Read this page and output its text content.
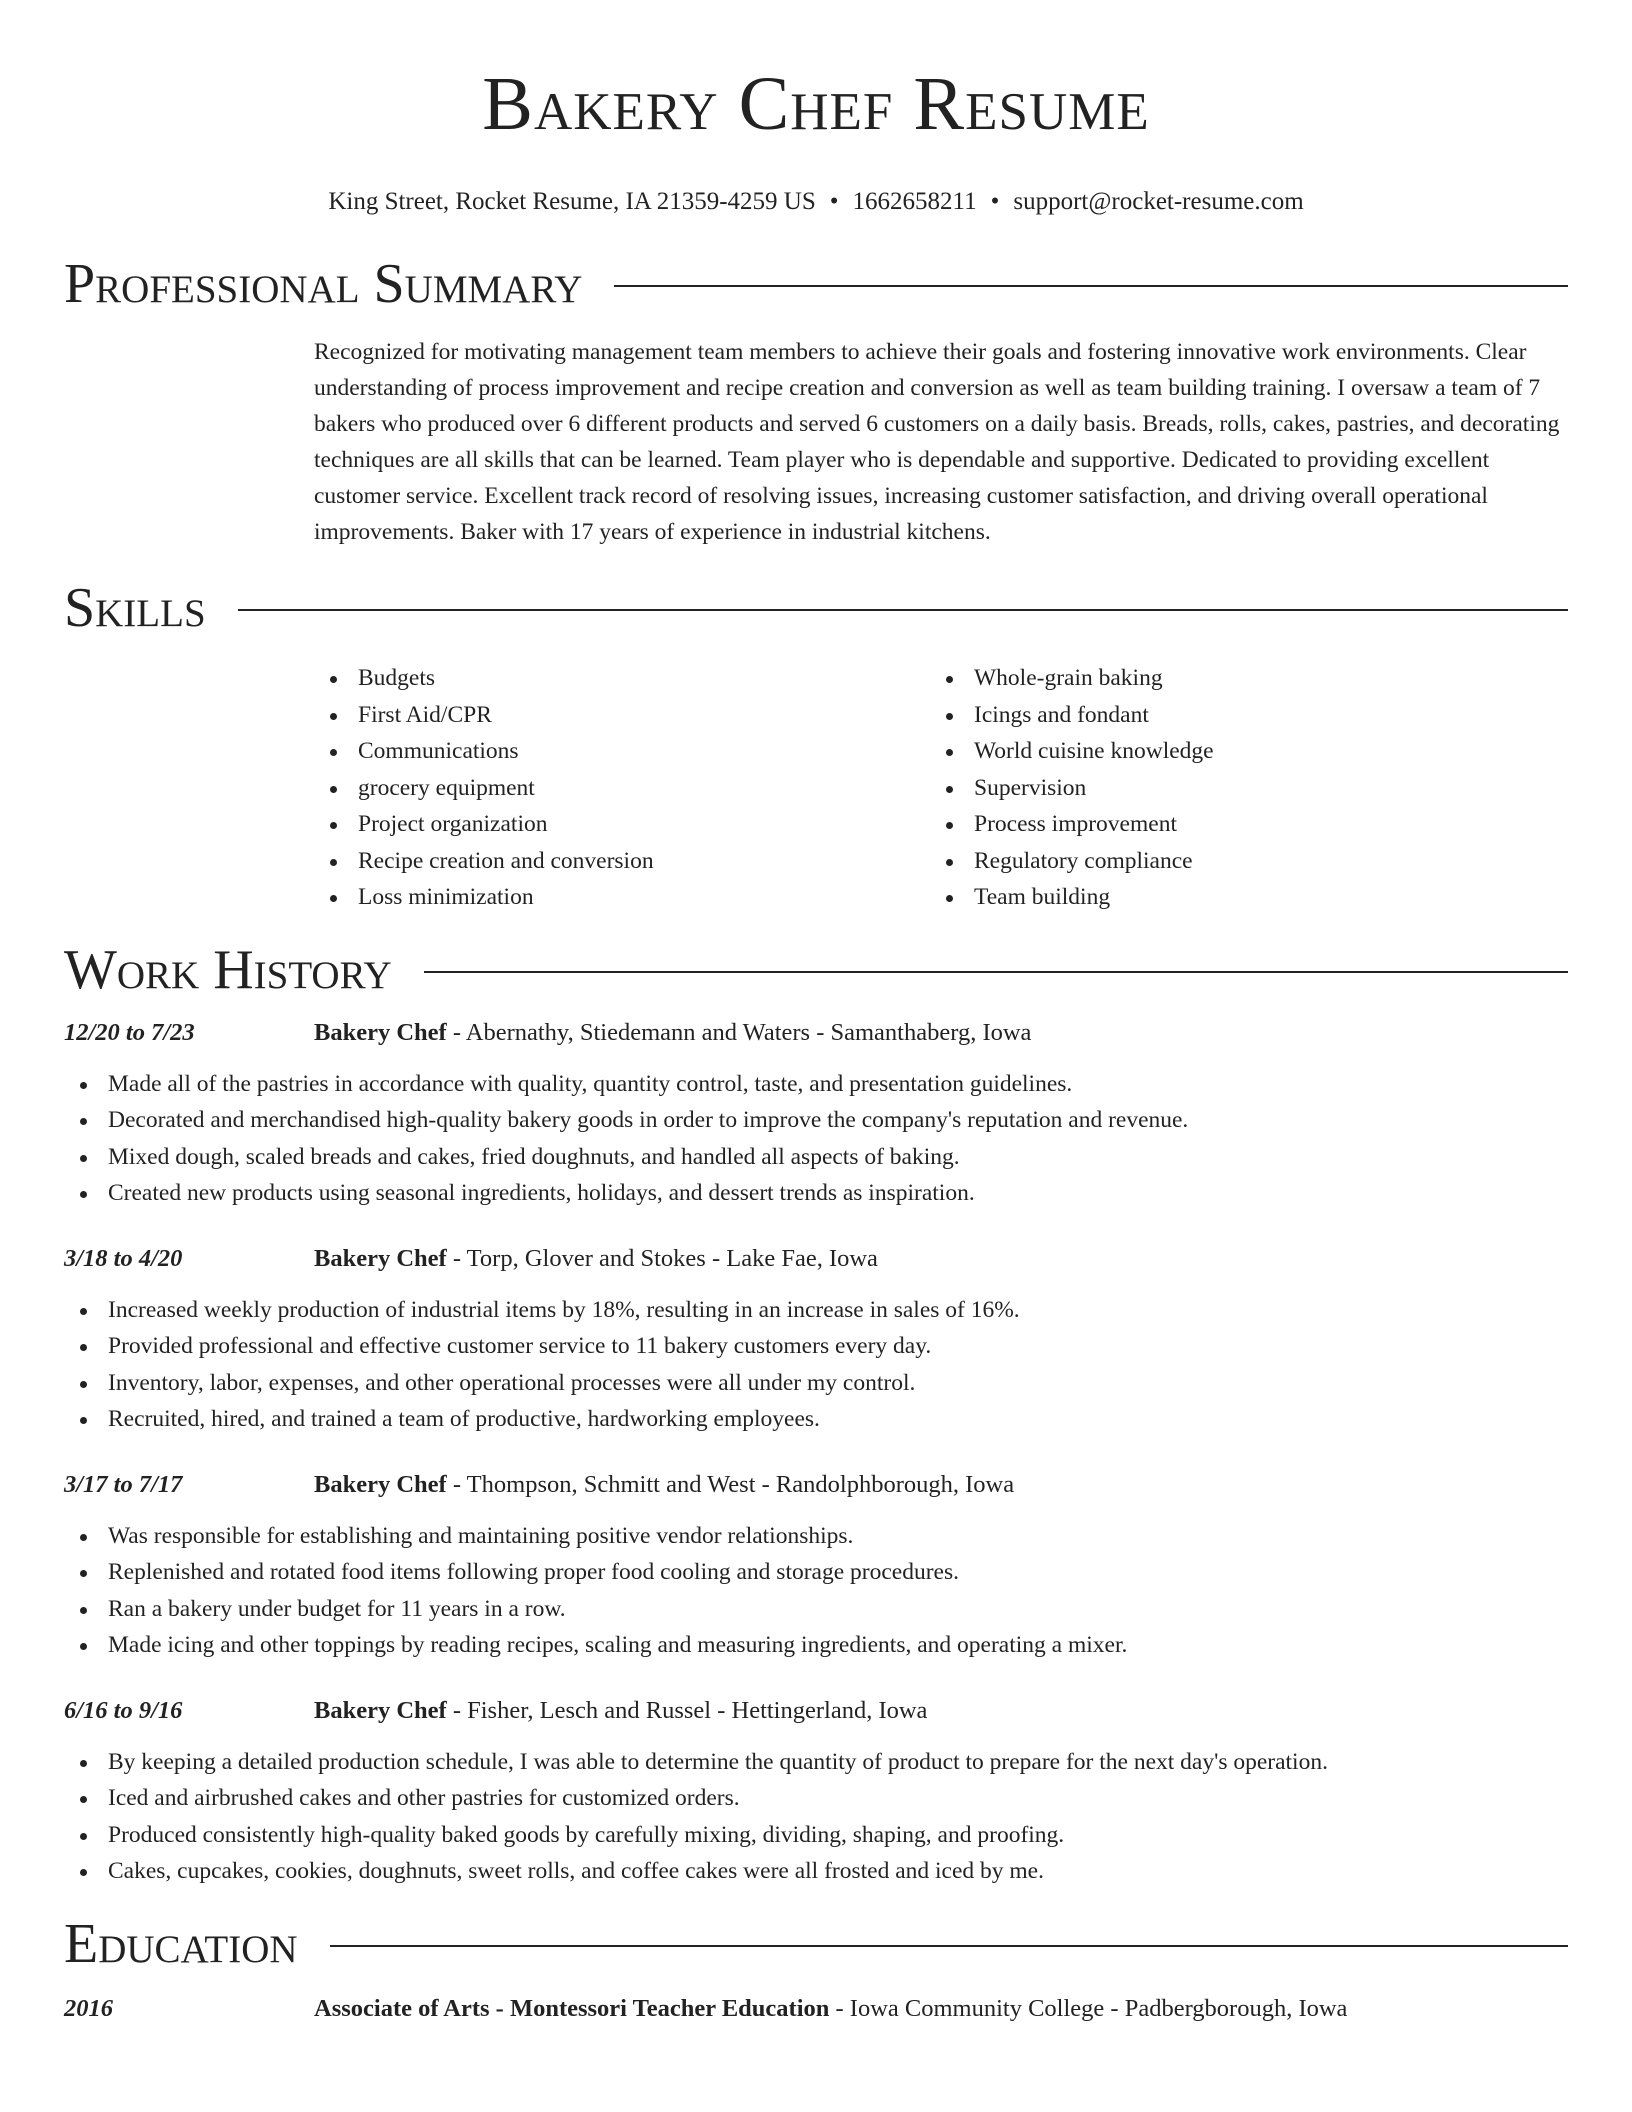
Bakery Chef Resume
King Street, Rocket Resume, IA 21359-4259 US • 1662658211 • support@rocket-resume.com
Professional Summary

Recognized for motivating management team members to achieve their goals and fostering innovative work environments. Clear understanding of process improvement and recipe creation and conversion as well as team building training. I oversaw a team of 7 bakers who produced over 6 different products and served 6 customers on a daily basis. Breads, rolls, cakes, pastries, and decorating techniques are all skills that can be learned. Team player who is dependable and supportive. Dedicated to providing excellent customer service. Excellent track record of resolving issues, increasing customer satisfaction, and driving overall operational improvements. Baker with 17 years of experience in industrial kitchens.

Skills
Budgets
First Aid/CPR
Communications
grocery equipment
Project organization
Recipe creation and conversion
Loss minimization
Whole-grain baking
Icings and fondant
World cuisine knowledge
Supervision
Process improvement
Regulatory compliance
Team building
Work History
12/20 to 7/23	Bakery Chef - Abernathy, Stiedemann and Waters - Samanthaberg, Iowa
Made all of the pastries in accordance with quality, quantity control, taste, and presentation guidelines.
Decorated and merchandised high-quality bakery goods in order to improve the company's reputation and revenue.
Mixed dough, scaled breads and cakes, fried doughnuts, and handled all aspects of baking.
Created new products using seasonal ingredients, holidays, and dessert trends as inspiration.
3/18 to 4/20	Bakery Chef - Torp, Glover and Stokes - Lake Fae, Iowa
Increased weekly production of industrial items by 18%, resulting in an increase in sales of 16%.
Provided professional and effective customer service to 11 bakery customers every day.
Inventory, labor, expenses, and other operational processes were all under my control.
Recruited, hired, and trained a team of productive, hardworking employees.
3/17 to 7/17	Bakery Chef - Thompson, Schmitt and West - Randolphborough, Iowa
Was responsible for establishing and maintaining positive vendor relationships.
Replenished and rotated food items following proper food cooling and storage procedures.
Ran a bakery under budget for 11 years in a row.
Made icing and other toppings by reading recipes, scaling and measuring ingredients, and operating a mixer.
6/16 to 9/16	Bakery Chef - Fisher, Lesch and Russel - Hettingerland, Iowa
By keeping a detailed production schedule, I was able to determine the quantity of product to prepare for the next day's operation.
Iced and airbrushed cakes and other pastries for customized orders.
Produced consistently high-quality baked goods by carefully mixing, dividing, shaping, and proofing.
Cakes, cupcakes, cookies, doughnuts, sweet rolls, and coffee cakes were all frosted and iced by me.
Education
2016	Associate of Arts - Montessori Teacher Education - Iowa Community College - Padbergborough, Iowa
